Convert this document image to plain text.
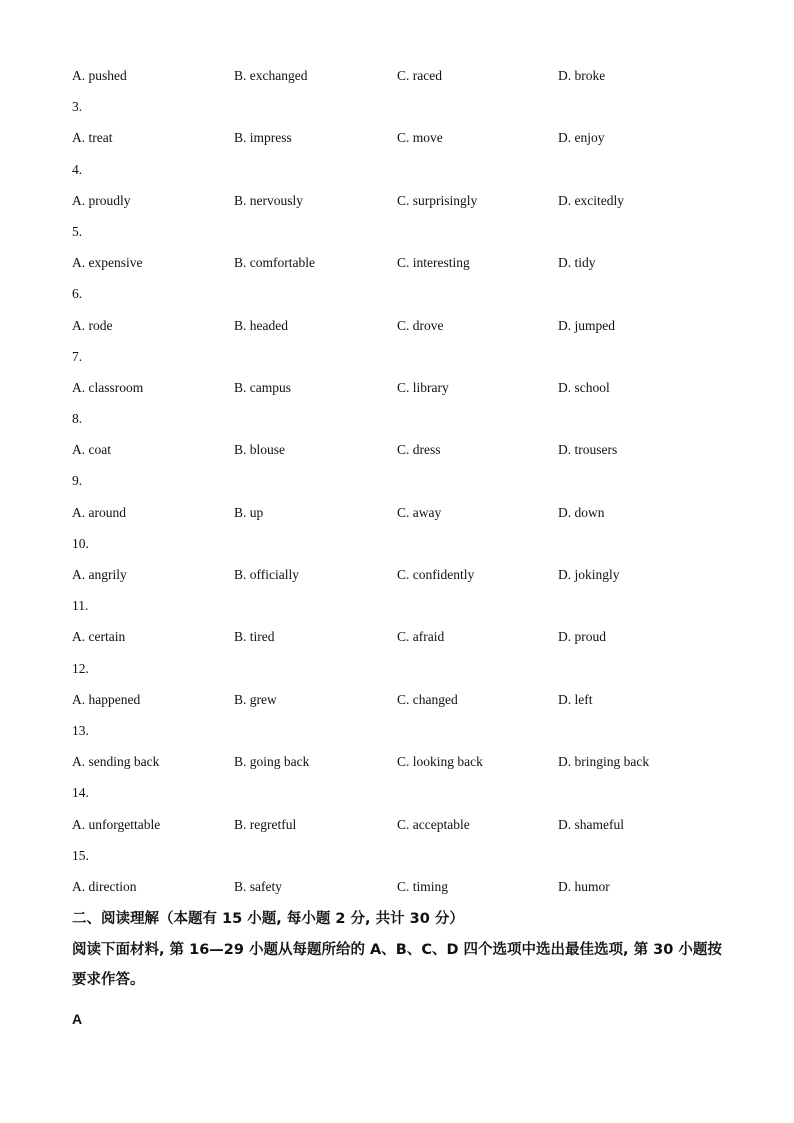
A. pushed	B. exchanged	C. raced	D. broke
3.
A. treat	B. impress	C. move	D. enjoy
4.
A. proudly	B. nervously	C. surprisingly	D. excitedly
5.
A. expensive	B. comfortable	C. interesting	D. tidy
6.
A. rode	B. headed	C. drove	D. jumped
7.
A. classroom	B. campus	C. library	D. school
8.
A. coat	B. blouse	C. dress	D. trousers
9.
A. around	B. up	C. away	D. down
10.
A. angrily	B. officially	C. confidently	D. jokingly
11.
A. certain	B. tired	C. afraid	D. proud
12.
A. happened	B. grew	C. changed	D. left
13.
A. sending back	B. going back	C. looking back	D. bringing back
14.
A. unforgettable	B. regretful	C. acceptable	D. shameful
15.
A. direction	B. safety	C. timing	D. humor

二、阅读理解（本题有 15 小题, 每小题 2 分, 共计 30 分）

阅读下面材料, 第 16—29 小题从每题所给的 A、B、C、D 四个选项中选出最佳选项, 第 30 小题按要求作答。

A
